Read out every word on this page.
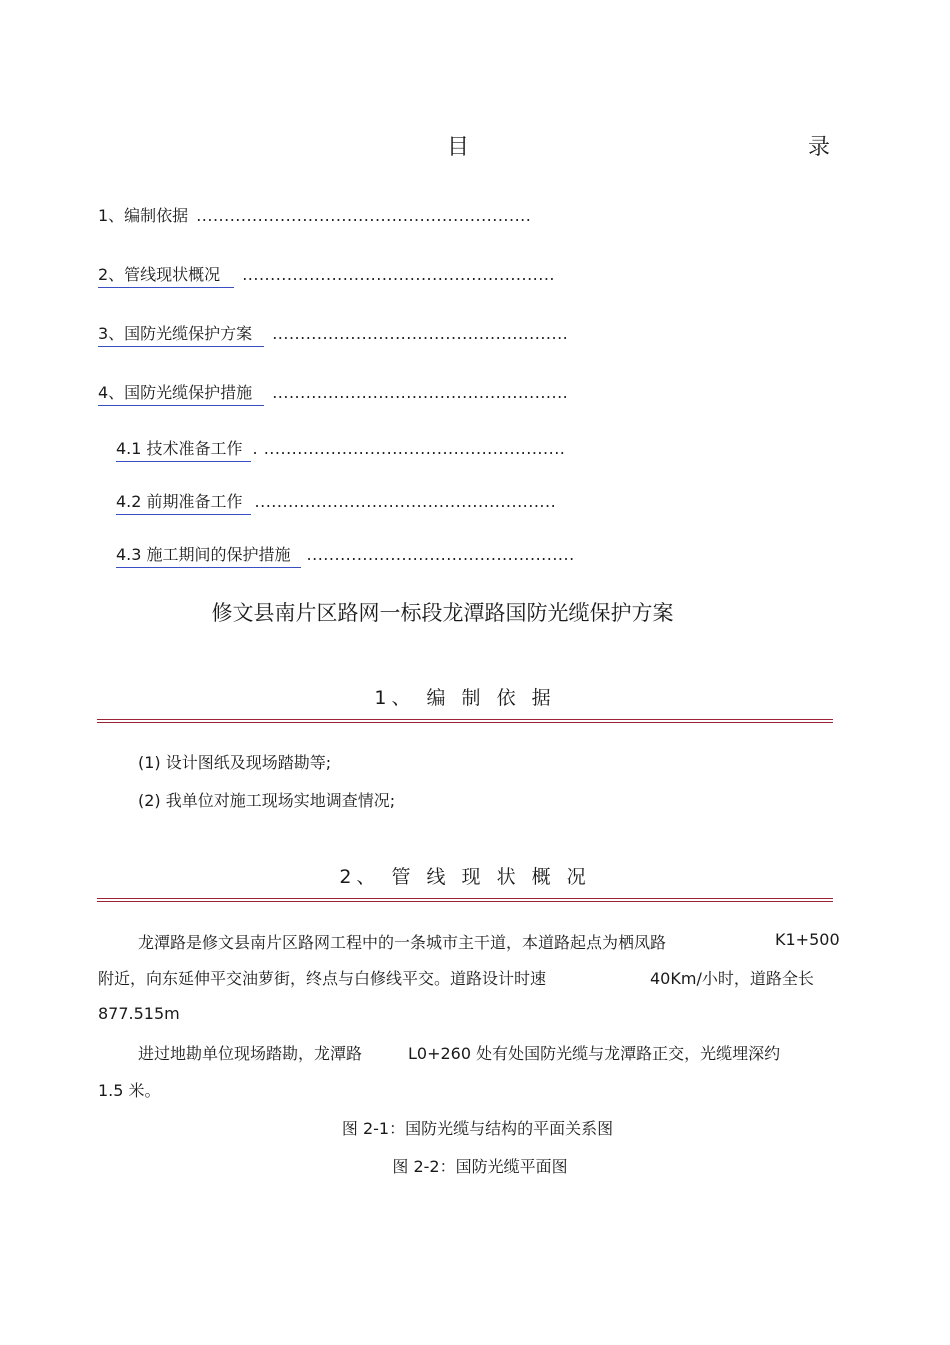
目	录
1、编制依据 ............................................................
2、管线现状概况	........................................................
3、国防光缆保护方案	.....................................................
4、国防光缆保护措施	.....................................................
4.1 技术准备工作 . ......................................................
4.2 前期准备工作 ......................................................
4.3 施工期间的保护措施	................................................
修文县南片区路网一标段龙潭路国防光缆保护方案
1、 编 制 依 据
(1) 设计图纸及现场踏勘等;
(2) 我单位对施工现场实地调查情况;
2、 管 线 现 状 概 况
龙潭路是修文县南片区路网工程中的一条城市主干道，本道路起点为栖凤路	K1+500
附近，向东延伸平交油萝街，终点与白修线平交。道路设计时速	40Km/小时，道路全长
877.515m
进过地勘单位现场踏勘，龙潭路	L0+260 处有处国防光缆与龙潭路正交，光缆埋深约
1.5 米。
图 2-1：国防光缆与结构的平面关系图
图 2-2：国防光缆平面图
